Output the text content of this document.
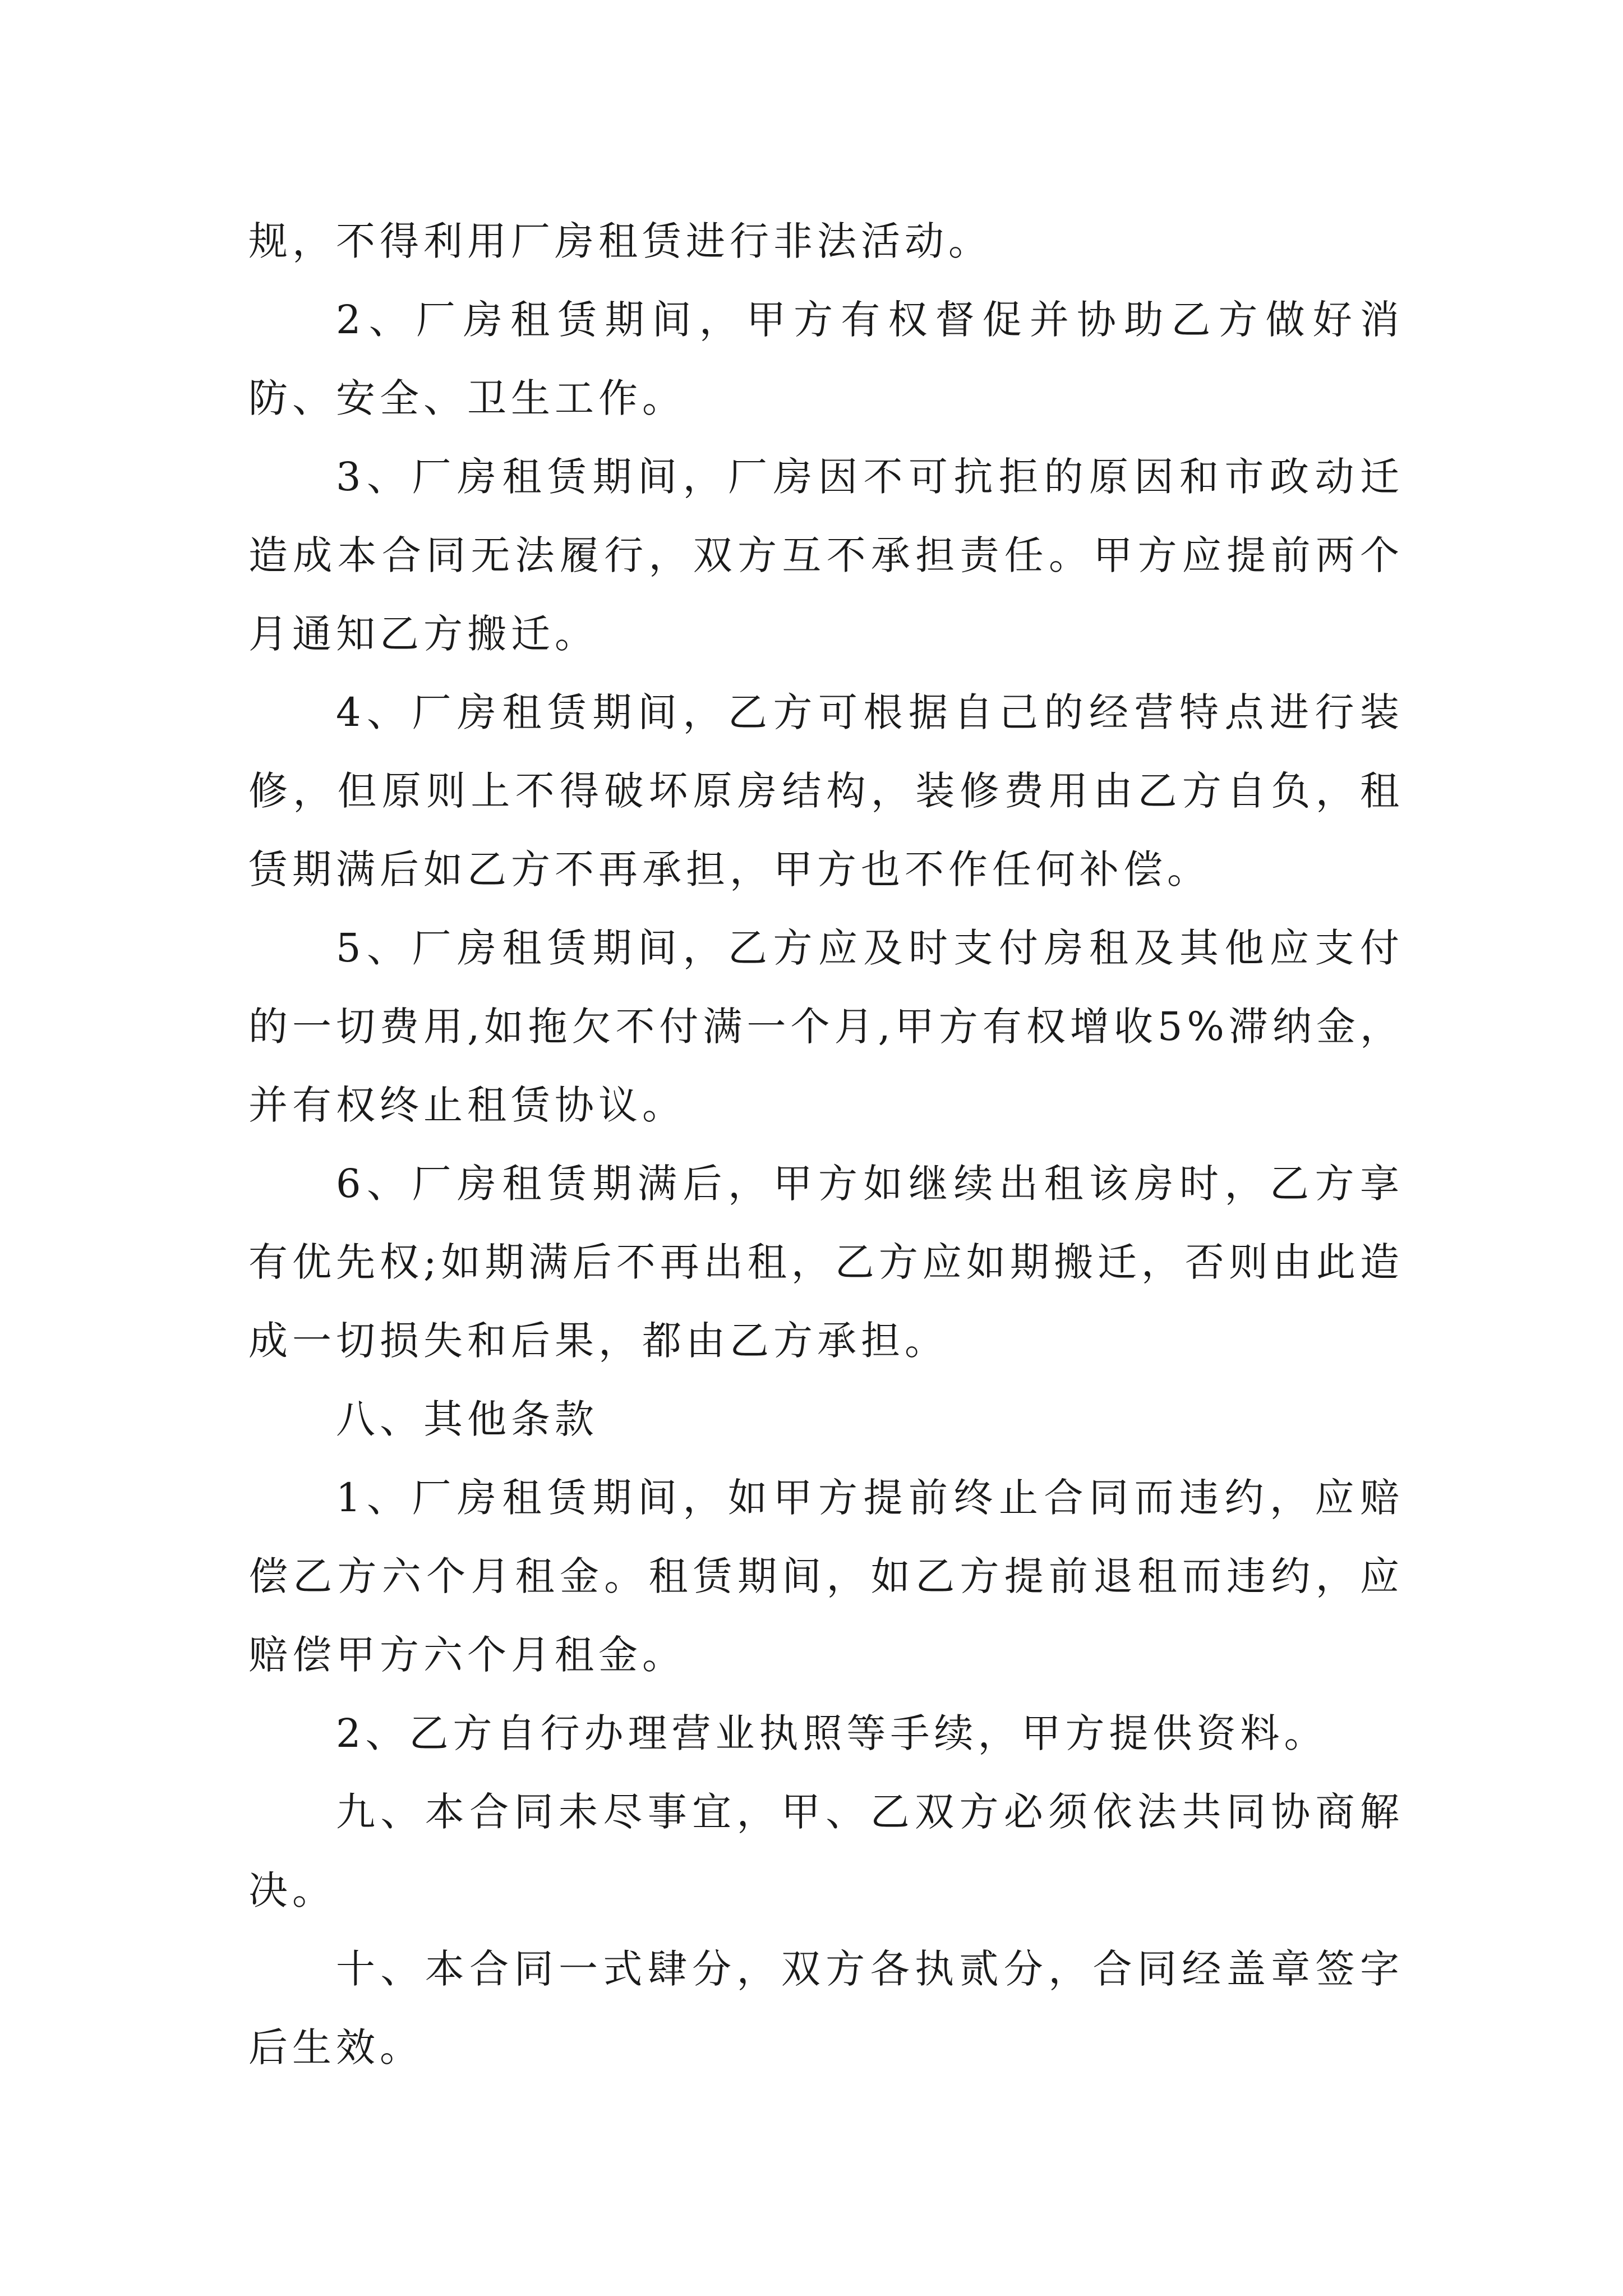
规，不得利用厂房租赁进行非法活动。

2、厂房租赁期间，甲方有权督促并协助乙方做好消防、安全、卫生工作。

3、厂房租赁期间，厂房因不可抗拒的原因和市政动迁造成本合同无法履行，双方互不承担责任。甲方应提前两个月通知乙方搬迁。

4、厂房租赁期间，乙方可根据自己的经营特点进行装修，但原则上不得破坏原房结构，装修费用由乙方自负，租赁期满后如乙方不再承担，甲方也不作任何补偿。

5、厂房租赁期间，乙方应及时支付房租及其他应支付的一切费用,如拖欠不付满一个月,甲方有权增收5%滞纳金，并有权终止租赁协议。

6、厂房租赁期满后，甲方如继续出租该房时，乙方享有优先权;如期满后不再出租，乙方应如期搬迁，否则由此造成一切损失和后果，都由乙方承担。

八、其他条款

1、厂房租赁期间，如甲方提前终止合同而违约，应赔偿乙方六个月租金。租赁期间，如乙方提前退租而违约，应赔偿甲方六个月租金。

2、乙方自行办理营业执照等手续，甲方提供资料。

九、本合同未尽事宜，甲、乙双方必须依法共同协商解决。

十、本合同一式肆分，双方各执贰分，合同经盖章签字后生效。
